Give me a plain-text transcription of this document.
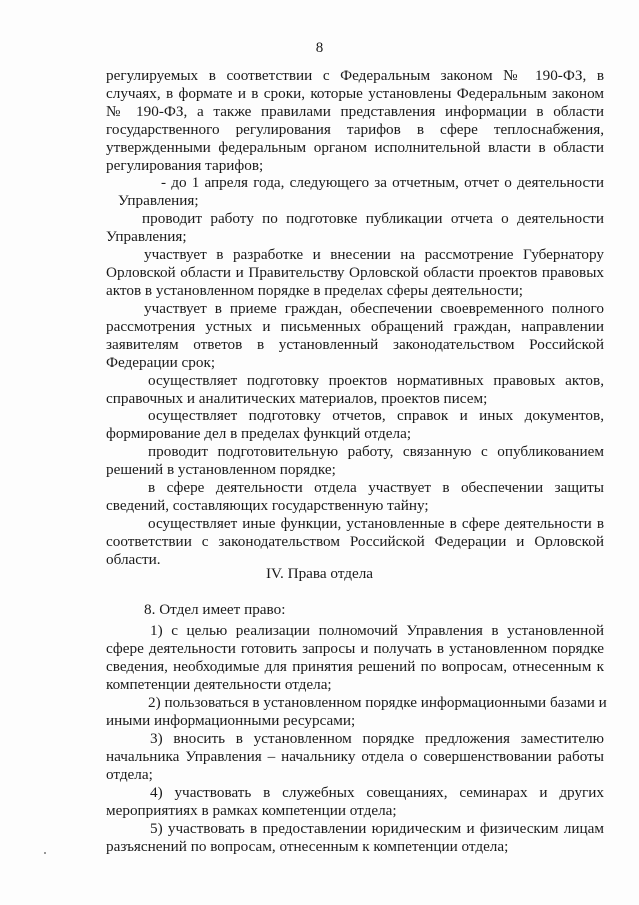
8
регулируемых в соответствии с Федеральным законом № 190-ФЗ, в
случаях, в формате и в сроки, которые установлены Федеральным законом
№ 190-ФЗ, а также правилами представления информации в области
государственного регулирования тарифов в сфере теплоснабжения,
утвержденными федеральным органом исполнительной власти в области
регулирования тарифов;
- до 1 апреля года, следующего за отчетным, отчет о деятельности
Управления;
проводит работу по подготовке публикации отчета о деятельности
Управления;
участвует в разработке и внесении на рассмотрение Губернатору
Орловской области и Правительству Орловской области проектов правовых
актов в установленном порядке в пределах сферы деятельности;
участвует в приеме граждан, обеспечении своевременного полного
рассмотрения устных и письменных обращений граждан, направлении
заявителям ответов в установленный законодательством Российской
Федерации срок;
осуществляет подготовку проектов нормативных правовых актов,
справочных и аналитических материалов, проектов писем;
осуществляет подготовку отчетов, справок и иных документов,
формирование дел в пределах функций отдела;
проводит подготовительную работу, связанную с опубликованием
решений в установленном порядке;
в сфере деятельности отдела участвует в обеспечении защиты
сведений, составляющих государственную тайну;
осуществляет иные функции, установленные в сфере деятельности в
соответствии с законодательством Российской Федерации и Орловской
области.
IV. Права отдела
8. Отдел имеет право:
1) с целью реализации полномочий Управления в установленной
сфере деятельности готовить запросы и получать в установленном порядке
сведения, необходимые для принятия решений по вопросам, отнесенным к
компетенции деятельности отдела;
2) пользоваться в установленном порядке информационными базами и
иными информационными ресурсами;
3) вносить в установленном порядке предложения заместителю
начальника Управления – начальнику отдела о совершенствовании работы
отдела;
4) участвовать в служебных совещаниях, семинарах и других
мероприятиях в рамках компетенции отдела;
5) участвовать в предоставлении юридическим и физическим лицам
разъяснений по вопросам, отнесенным к компетенции отдела;
